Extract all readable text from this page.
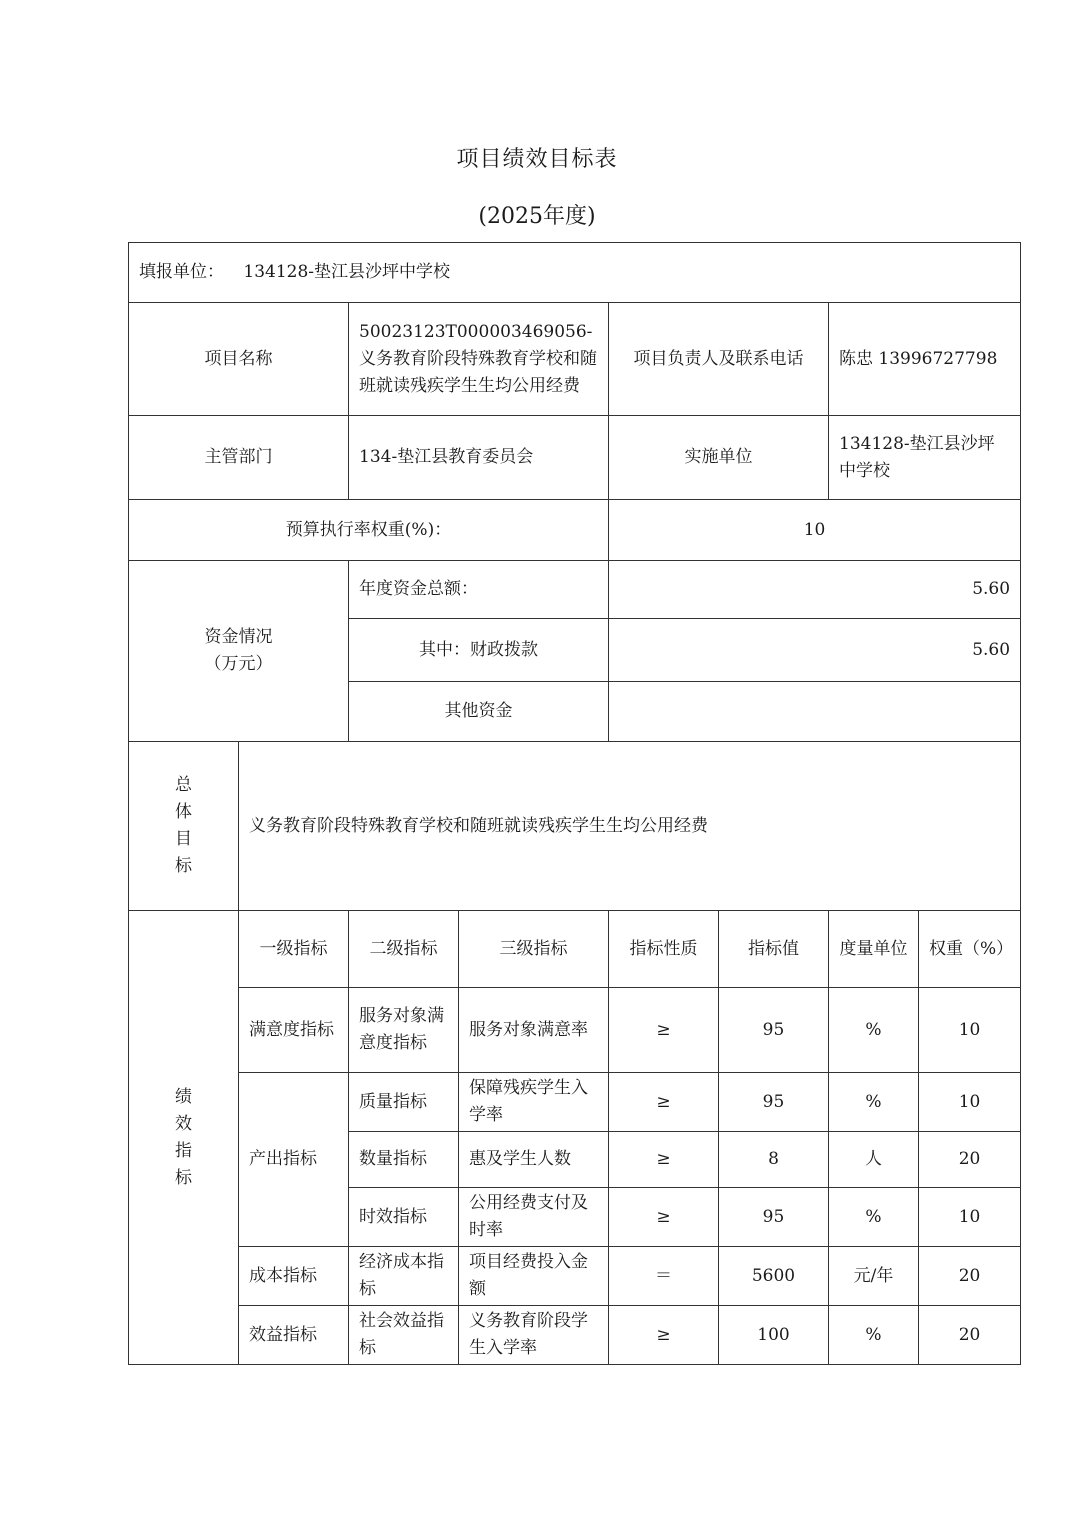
项目绩效目标表
(2025年度)
填报单位： 134128-垫江县沙坪中学校							
项目名称		50023123T000003469056-义务教育阶段特殊教育学校和随班就读残疾学生生均公用经费		项目负责人及联系电话		陈忠 13996727798	
主管部门		134-垫江县教育委员会		实施单位		134128-垫江县沙坪中学校	
预算执行率权重(%)：				10			

资金情况
（万元）		年度资金总额：		5.60			
		其中：财政拨款		5.60			
		其他资金					

总
体
目
标	义务教育阶段特殊教育学校和随班就读残疾学生生均公用经费						

绩
效
指
标	一级指标	二级指标	三级指标	指标性质	指标值	度量单位	权重（%）
	满意度指标	服务对象满意度指标	服务对象满意率	≥	95	%	10
	产出指标	质量指标	保障残疾学生入学率	≥	95	%	10
		数量指标	惠及学生人数	≥	8	人	20
		时效指标	公用经费支付及时率	≥	95	%	10
	成本指标	经济成本指标	项目经费投入金额	＝	5600	元/年	20
	效益指标	社会效益指标	义务教育阶段学生入学率	≥	100	%	20
